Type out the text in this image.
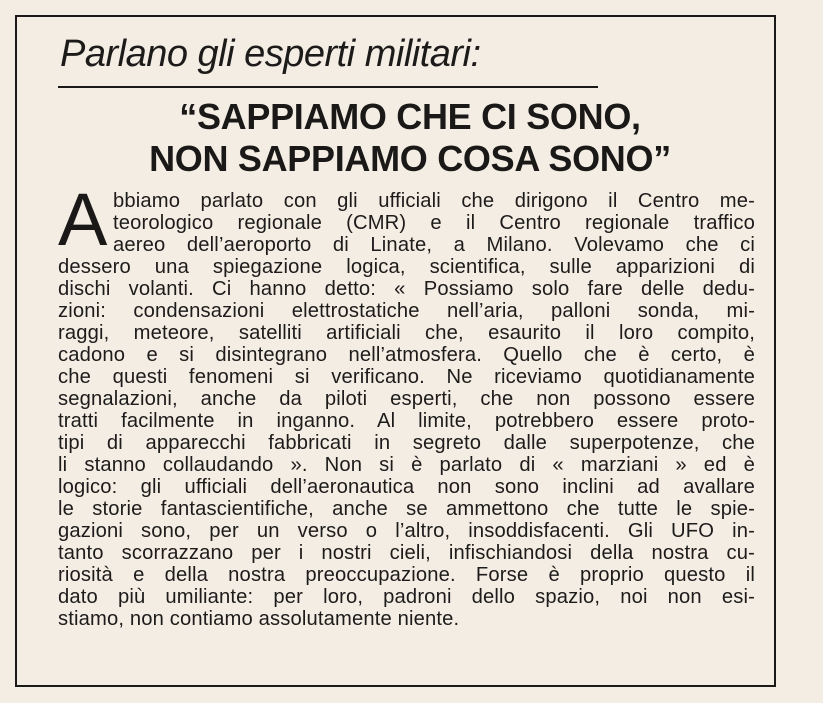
Parlano gli esperti militari:
“SAPPIAMO CHE CI SONO,
NON SAPPIAMO COSA SONO”
A bbiamo parlato con gli ufficiali che dirigono il Centro me-
teorologico regionale (CMR) e il Centro regionale traffico
aereo dell’aeroporto di Linate, a Milano. Volevamo che ci
dessero una spiegazione logica, scientifica, sulle apparizioni di
dischi volanti. Ci hanno detto: « Possiamo solo fare delle dedu-
zioni: condensazioni elettrostatiche nell’aria, palloni sonda, mi-
raggi, meteore, satelliti artificiali che, esaurito il loro compito,
cadono e si disintegrano nell’atmosfera. Quello che è certo, è
che questi fenomeni si verificano. Ne riceviamo quotidianamente
segnalazioni, anche da piloti esperti, che non possono essere
tratti facilmente in inganno. Al limite, potrebbero essere proto-
tipi di apparecchi fabbricati in segreto dalle superpotenze, che
li stanno collaudando ». Non si è parlato di « marziani » ed è
logico: gli ufficiali dell’aeronautica non sono inclini ad avallare
le storie fantascientifiche, anche se ammettono che tutte le spie-
gazioni sono, per un verso o l’altro, insoddisfacenti. Gli UFO in-
tanto scorrazzano per i nostri cieli, infischiandosi della nostra cu-
riosità e della nostra preoccupazione. Forse è proprio questo il
dato più umiliante: per loro, padroni dello spazio, noi non esi-
stiamo, non contiamo assolutamente niente.
